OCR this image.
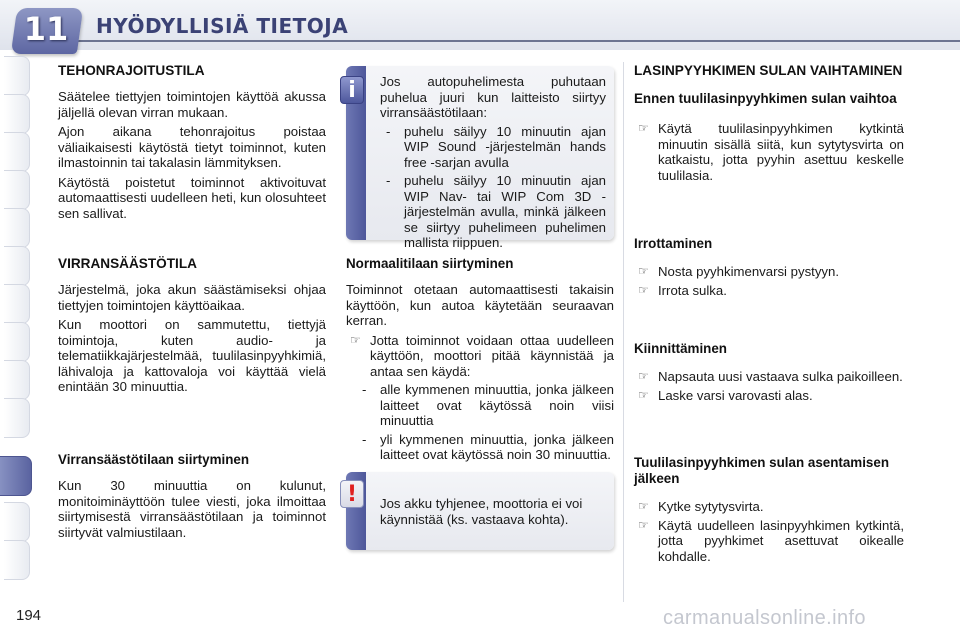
11	HYÖDYLLISIÄ TIETOJA
TEHONRAJOITUSTILA

Säätelee tiettyjen toimintojen käyttöä akussa jäljellä olevan virran mukaan.

Ajon aikana tehonrajoitus poistaa väliaikaisesti käytöstä tietyt toiminnot, kuten ilmastoinnin tai takalasin lämmityksen.

Käytöstä poistetut toiminnot aktivoituvat automaattisesti uudelleen heti, kun olosuhteet sen sallivat.

VIRRANSÄÄSTÖTILA

Järjestelmä, joka akun säästämiseksi ohjaa tiettyjen toimintojen käyttöaikaa.

Kun moottori on sammutettu, tiettyjä toimintoja, kuten audio- ja telematiikkajärjestelmää, tuulilasinpyyhkimiä, lähivaloja ja kattovaloja voi käyttää vielä enintään 30 minuuttia.

Virransäästötilaan siirtyminen

Kun 30 minuuttia on kulunut, monitoiminäyttöön tulee viesti, joka ilmoittaa siirtymisestä virransäästötilaan ja toiminnot siirtyvät valmiustilaan.

i	Jos autopuhelimesta puhutaan puhelua juuri kun laitteisto siirtyy virransäästötilaan:

- puhelu säilyy 10 minuutin ajan WIP Sound -järjestelmän hands free -sarjan avulla
- puhelu säilyy 10 minuutin ajan WIP Nav- tai WIP Com 3D -järjestelmän avulla, minkä jälkeen se siirtyy puhelimeen puhelimen mallista riippuen.
Normaalitilaan siirtyminen

Toiminnot otetaan automaattisesti takaisin käyttöön, kun autoa käytetään seuraavan kerran.

☞ Jotta toiminnot voidaan ottaa uudelleen käyttöön, moottori pitää käynnistää ja antaa sen käydä:
- alle kymmenen minuuttia, jonka jälkeen laitteet ovat käytössä noin viisi minuuttia
- yli kymmenen minuuttia, jonka jälkeen laitteet ovat käytössä noin 30 minuuttia.
!	Jos akku tyhjenee, moottoria ei voi käynnistää (ks. vastaava kohta).
LASINPYYHKIMEN SULAN VAIHTAMINEN
Ennen tuulilasinpyyhkimen sulan vaihtoa
☞ Käytä tuulilasinpyyhkimen kytkintä minuutin sisällä siitä, kun sytytysvirta on katkaistu, jotta pyyhin asettuu keskelle tuulilasia.
Irrottaminen
☞ Nosta pyyhkimenvarsi pystyyn.
☞ Irrota sulka.
Kiinnittäminen
☞ Napsauta uusi vastaava sulka paikoilleen.
☞ Laske varsi varovasti alas.
Tuulilasinpyyhkimen sulan asentamisen jälkeen
☞ Kytke sytytysvirta.
☞ Käytä uudelleen lasinpyyhkimen kytkintä, jotta pyyhkimet asettuvat oikealle kohdalle.
194	carmanualsonline.info
